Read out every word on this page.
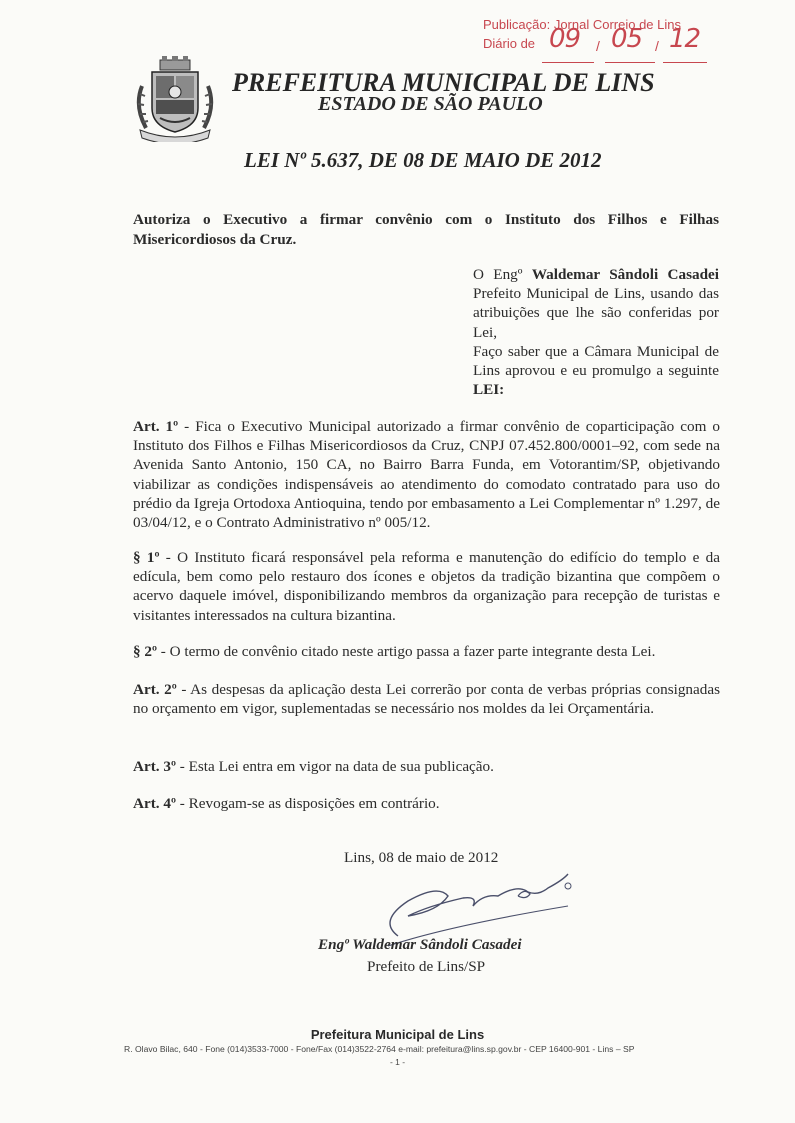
Publicação: Jornal Correio de Lins
Diário de 09 / 05 / 12
PREFEITURA MUNICIPAL DE LINS
ESTADO DE SÃO PAULO
LEI Nº 5.637, DE 08 DE MAIO DE 2012

Autoriza o Executivo a firmar convênio com o Instituto dos Filhos e Filhas Misericordiosos da Cruz.

O Engº Waldemar Sândoli Casadei Prefeito Municipal de Lins, usando das atribuições que lhe são conferidas por Lei,

Faço saber que a Câmara Municipal de Lins aprovou e eu promulgo a seguinte LEI:

Art. 1º - Fica o Executivo Municipal autorizado a firmar convênio de coparticipação com o Instituto dos Filhos e Filhas Misericordiosos da Cruz, CNPJ 07.452.800/0001–92, com sede na Avenida Santo Antonio, 150 CA, no Bairro Barra Funda, em Votorantim/SP, objetivando viabilizar as condições indispensáveis ao atendimento do comodato contratado para uso do prédio da Igreja Ortodoxa Antioquina, tendo por embasamento a Lei Complementar nº 1.297, de 03/04/12, e o Contrato Administrativo nº 005/12.

§ 1º - O Instituto ficará responsável pela reforma e manutenção do edifício do templo e da edícula, bem como pelo restauro dos ícones e objetos da tradição bizantina que compõem o acervo daquele imóvel, disponibilizando membros da organização para recepção de turistas e visitantes interessados na cultura bizantina.

§ 2º - O termo de convênio citado neste artigo passa a fazer parte integrante desta Lei.

Art. 2º - As despesas da aplicação desta Lei correrão por conta de verbas próprias consignadas no orçamento em vigor, suplementadas se necessário nos moldes da lei Orçamentária.

Art. 3º - Esta Lei entra em vigor na data de sua publicação.

Art. 4º - Revogam-se as disposições em contrário.

Lins, 08 de maio de 2012
Engº Waldemar Sândoli Casadei
Prefeito de Lins/SP
Prefeitura Municipal de Lins
R. Olavo Bilac, 640 - Fone (014)3533-7000 - Fone/Fax (014)3522-2764 e-mail: prefeitura@lins.sp.gov.br - CEP 16400-901 - Lins – SP
- 1 -
